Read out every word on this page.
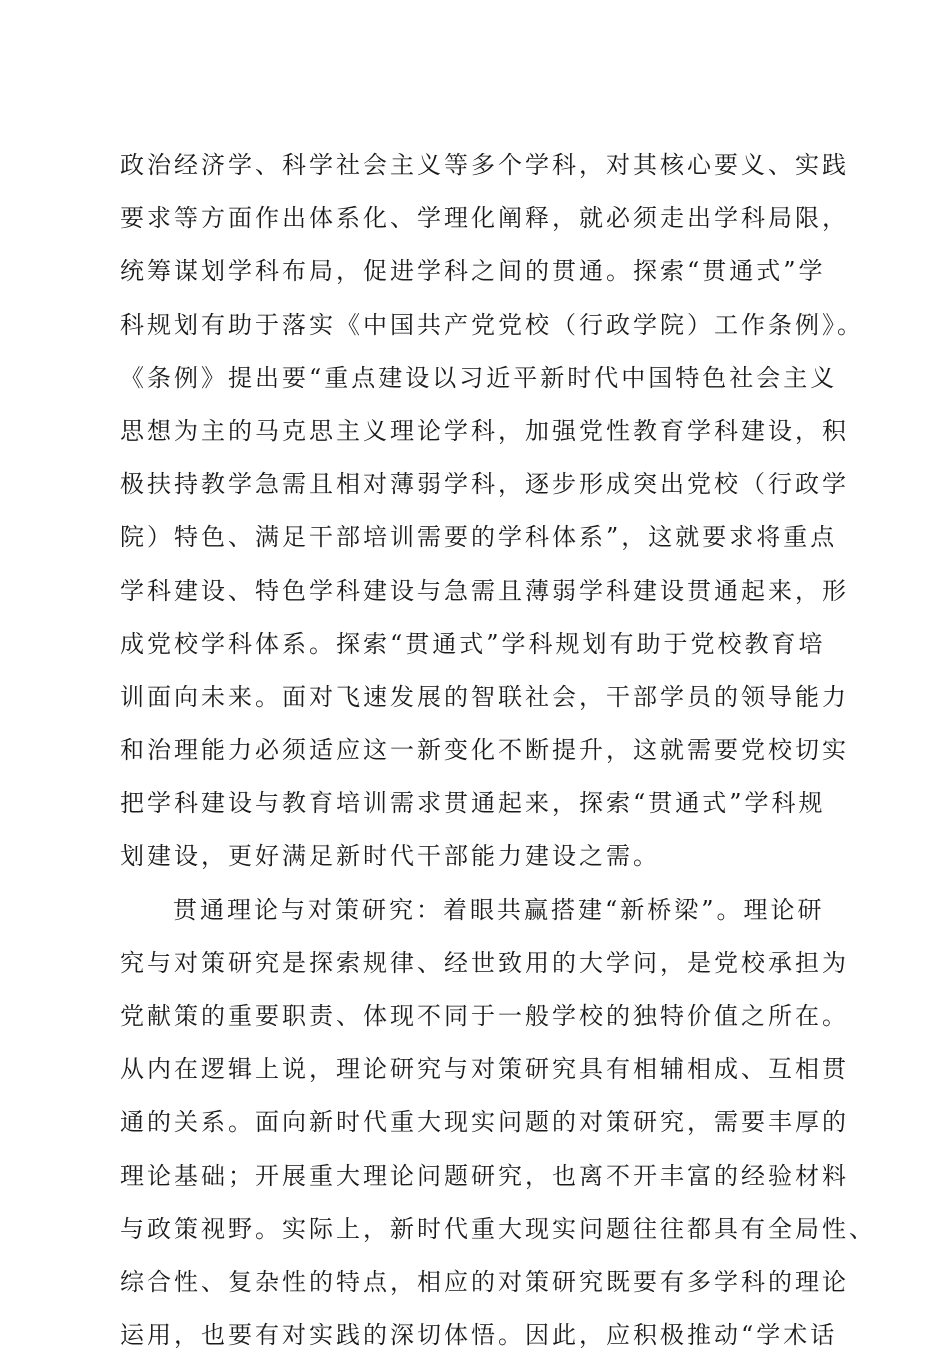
政治经济学、科学社会主义等多个学科，对其核心要义、实践
要求等方面作出体系化、学理化阐释，就必须走出学科局限，
统筹谋划学科布局，促进学科之间的贯通。探索“贯通式”学
科规划有助于落实《中国共产党党校（行政学院）工作条例》。
《条例》提出要“重点建设以习近平新时代中国特色社会主义
思想为主的马克思主义理论学科，加强党性教育学科建设，积
极扶持教学急需且相对薄弱学科，逐步形成突出党校（行政学
院）特色、满足干部培训需要的学科体系”，这就要求将重点
学科建设、特色学科建设与急需且薄弱学科建设贯通起来，形
成党校学科体系。探索“贯通式”学科规划有助于党校教育培
训面向未来。面对飞速发展的智联社会，干部学员的领导能力
和治理能力必须适应这一新变化不断提升，这就需要党校切实
把学科建设与教育培训需求贯通起来，探索“贯通式”学科规
划建设，更好满足新时代干部能力建设之需。
贯通理论与对策研究：着眼共赢搭建“新桥梁”。理论研
究与对策研究是探索规律、经世致用的大学问，是党校承担为
党献策的重要职责、体现不同于一般学校的独特价值之所在。
从内在逻辑上说，理论研究与对策研究具有相辅相成、互相贯
通的关系。面向新时代重大现实问题的对策研究，需要丰厚的
理论基础；开展重大理论问题研究，也离不开丰富的经验材料
与政策视野。实际上，新时代重大现实问题往往都具有全局性、
综合性、复杂性的特点，相应的对策研究既要有多学科的理论
运用，也要有对实践的深切体悟。因此，应积极推动“学术话
